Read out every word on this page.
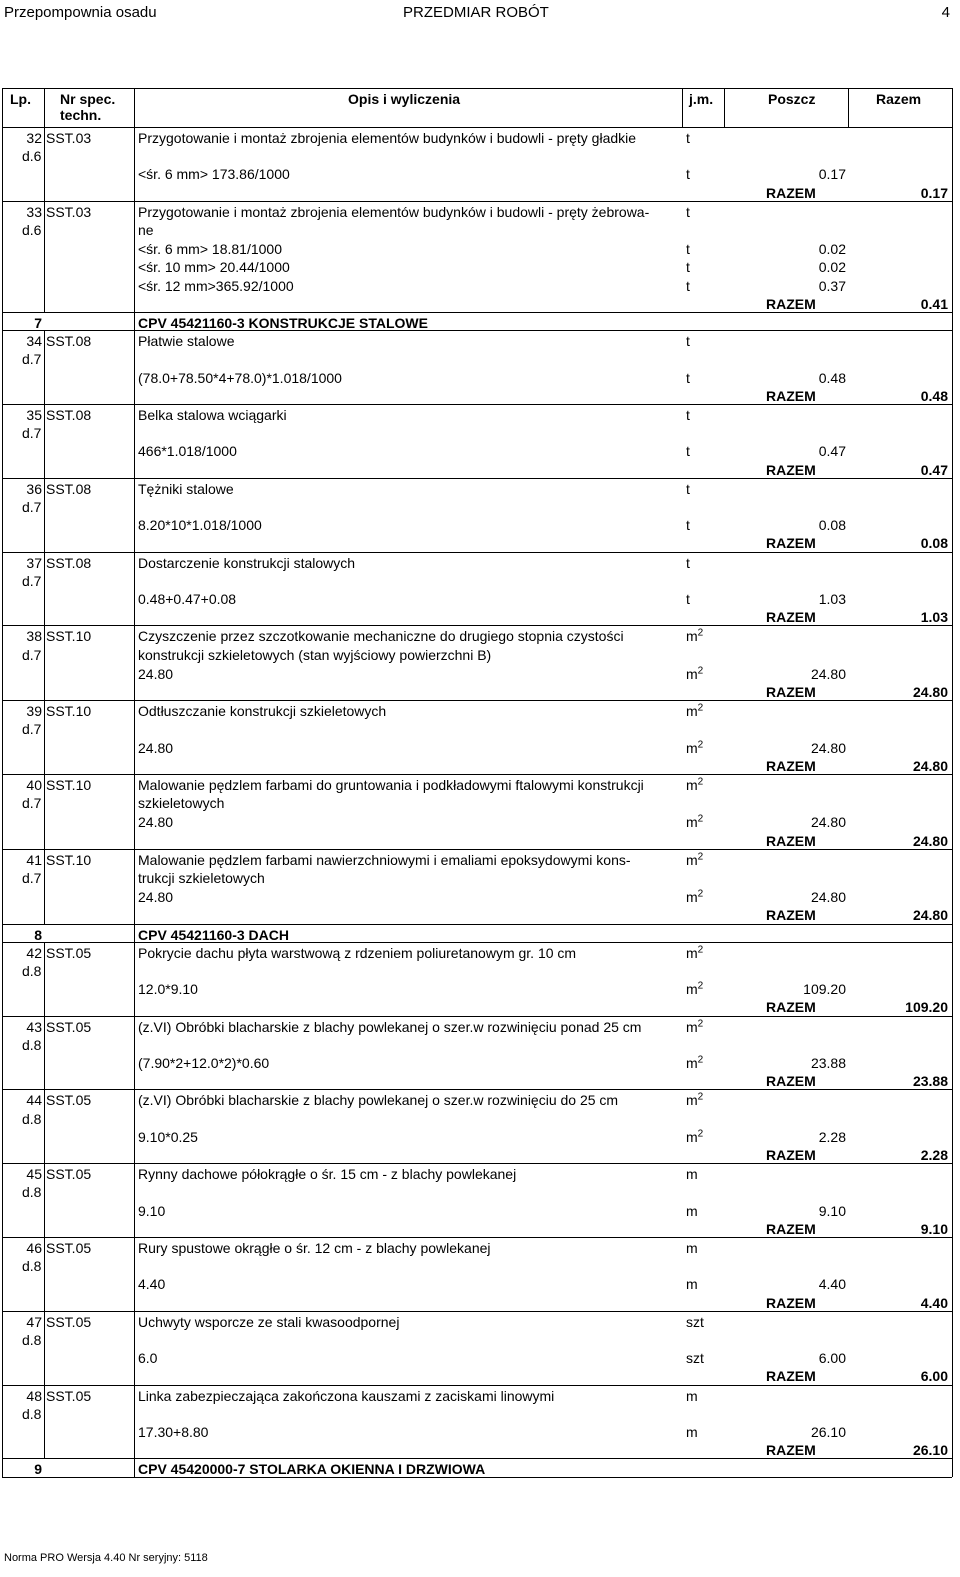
Przepompownia osadu	PRZEDMIAR ROBÓT	4
Lp. Nr spec.
techn.
Opis i wyliczenia	j.m.	Poszcz	Razem
32 SST.03
d.6
Przygotowanie i montaż zbrojenia elementów budynków i budowli - pręty gładkie	t
<śr. 6 mm> 173.86/1000	t	0.17
RAZEM	0.17
33 SST.03
d.6
Przygotowanie i montaż zbrojenia elementów budynków i budowli - pręty żebrowa-
ne
t
<śr. 6 mm> 18.81/1000	t	0.02
<śr. 10 mm> 20.44/1000	t	0.02
<śr. 12 mm>365.92/1000	t	0.37
RAZEM	0.41
7	CPV 45421160-3 KONSTRUKCJE STALOWE
34 SST.08
d.7
Płatwie stalowe	t
(78.0+78.50*4+78.0)*1.018/1000	t	0.48
RAZEM	0.48
35 SST.08
d.7
Belka stalowa wciągarki	t
466*1.018/1000	t	0.47
RAZEM	0.47
36 SST.08
d.7
Tężniki stalowe	t
8.20*10*1.018/1000	t	0.08
RAZEM	0.08
37 SST.08
d.7
Dostarczenie konstrukcji stalowych	t
0.48+0.47+0.08	t	1.03
RAZEM	1.03
38 SST.10
d.7
Czyszczenie przez szczotkowanie mechaniczne do drugiego stopnia czystości
konstrukcji szkieletowych (stan wyjściowy powierzchni B)
$m^2$
24.80	$m^2$	24.80
RAZEM	24.80
39 SST.10
d.7
Odtłuszczanie konstrukcji szkieletowych	$m^2$
24.80	$m^2$	24.80
RAZEM	24.80
40 SST.10
d.7
Malowanie pędzlem farbami do gruntowania i podkładowymi ftalowymi konstrukcji
szkieletowych
$m^2$
24.80	$m^2$	24.80
RAZEM	24.80
41 SST.10
d.7
Malowanie pędzlem farbami nawierzchniowymi i emaliami epoksydowymi kons-
trukcji szkieletowych
$m^2$
24.80	$m^2$	24.80
RAZEM	24.80
8	CPV 45421160-3 DACH
42 SST.05
d.8
Pokrycie dachu płyta warstwową z rdzeniem poliuretanowym gr. 10 cm	$m^2$
12.0*9.10	$m^2$	109.20
RAZEM	109.20
43 SST.05
d.8
(z.VI) Obróbki blacharskie z blachy powlekanej o szer.w rozwinięciu ponad 25 cm	$m^2$
(7.90*2+12.0*2)*0.60	$m^2$	23.88
RAZEM	23.88
44 SST.05
d.8
(z.VI) Obróbki blacharskie z blachy powlekanej o szer.w rozwinięciu do 25 cm	$m^2$
9.10*0.25	$m^2$	2.28
RAZEM	2.28
45 SST.05
d.8
Rynny dachowe półokrągłe o śr. 15 cm - z blachy powlekanej	m
9.10	m	9.10
RAZEM	9.10
46 SST.05
d.8
Rury spustowe okrągłe o śr. 12 cm - z blachy powlekanej	m
4.40	m	4.40
RAZEM	4.40
47 SST.05
d.8
Uchwyty wsporcze ze stali kwasoodpornej	szt
6.0	szt	6.00
RAZEM	6.00
48 SST.05
d.8
Linka zabezpieczająca zakończona kauszami z zaciskami linowymi	m
17.30+8.80	m	26.10
RAZEM	26.10
9	CPV 45420000-7 STOLARKA OKIENNA I DRZWIOWA
Norma PRO Wersja 4.40 Nr seryjny: 5118
